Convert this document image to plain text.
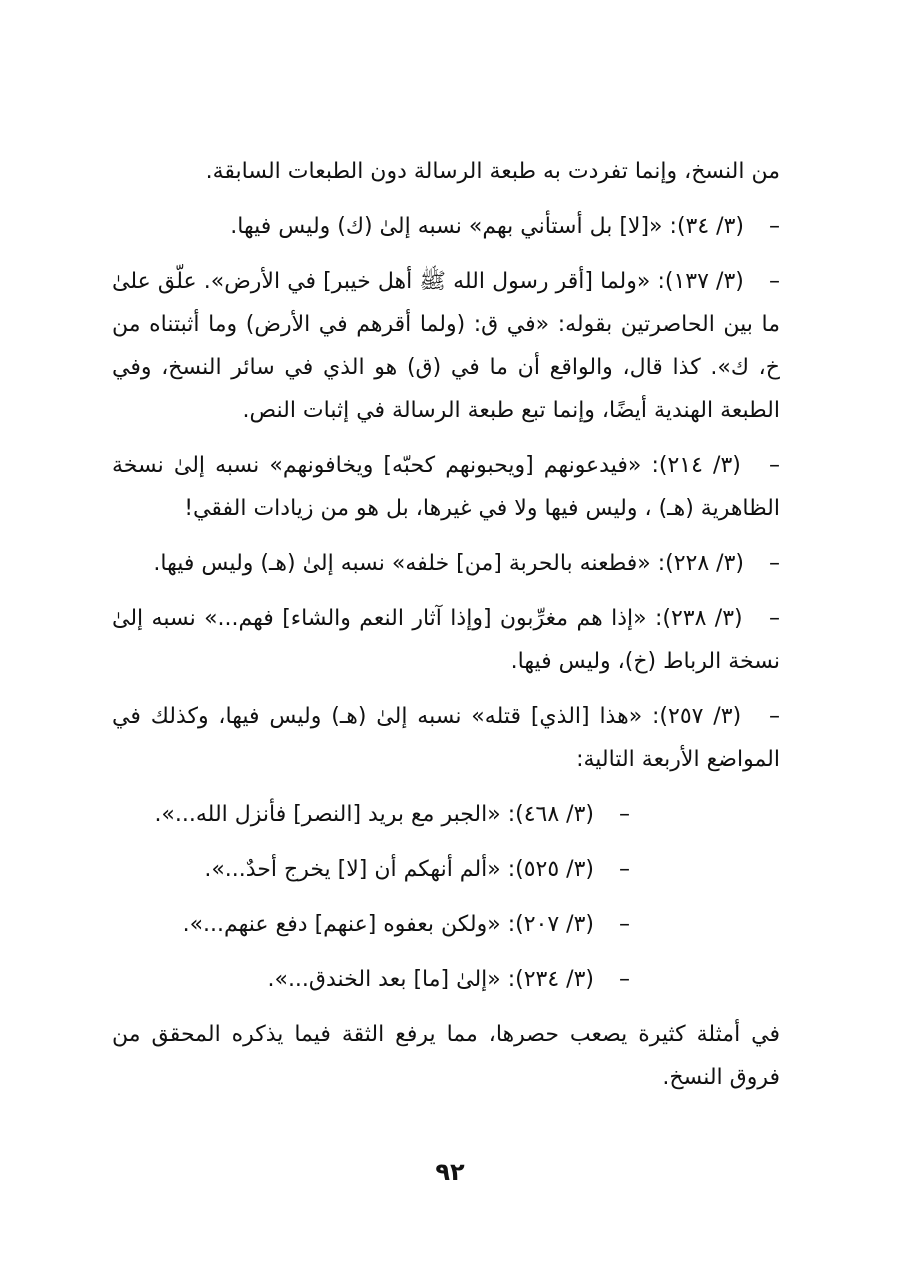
من النسخ، وإنما تفردت به طبعة الرسالة دون الطبعات السابقة.

– (٣/ ٣٤): «[لا] بل أستأني بهم» نسبه إلىٰ (ك) وليس فيها.

– (٣/ ١٣٧): «ولما [أقر رسول الله ﷺ أهل خيبر] في الأرض». علّق علىٰ ما بين الحاصرتين بقوله: «في ق: (ولما أقرهم في الأرض) وما أثبتناه من خ، ك». كذا قال، والواقع أن ما في (ق) هو الذي في سائر النسخ، وفي الطبعة الهندية أيضًا، وإنما تبع طبعة الرسالة في إثبات النص.

– (٣/ ٢١٤): «فيدعونهم [ويحبونهم كحبّه] ويخافونهم» نسبه إلىٰ نسخة الظاهرية (هـ) ، وليس فيها ولا في غيرها، بل هو من زيادات الفقي!

– (٣/ ٢٢٨): «فطعنه بالحربة [من] خلفه» نسبه إلىٰ (هـ) وليس فيها.

– (٣/ ٢٣٨): «إذا هم مغرِّبون [وإذا آثار النعم والشاء] فهم...» نسبه إلىٰ نسخة الرباط (خ)، وليس فيها.

– (٣/ ٢٥٧): «هذا [الذي] قتله» نسبه إلىٰ (هـ) وليس فيها، وكذلك في المواضع الأربعة التالية:

– (٣/ ٤٦٨): «الجبر مع بريد [النصر] فأنزل الله...».

– (٣/ ٥٢٥): «ألم أنهكم أن [لا] يخرج أحدٌ...».

– (٣/ ٢٠٧): «ولكن بعفوه [عنهم] دفع عنهم...».

– (٣/ ٢٣٤): «إلىٰ [ما] بعد الخندق...».

في أمثلة كثيرة يصعب حصرها، مما يرفع الثقة فيما يذكره المحقق من فروق النسخ.

٩٢
